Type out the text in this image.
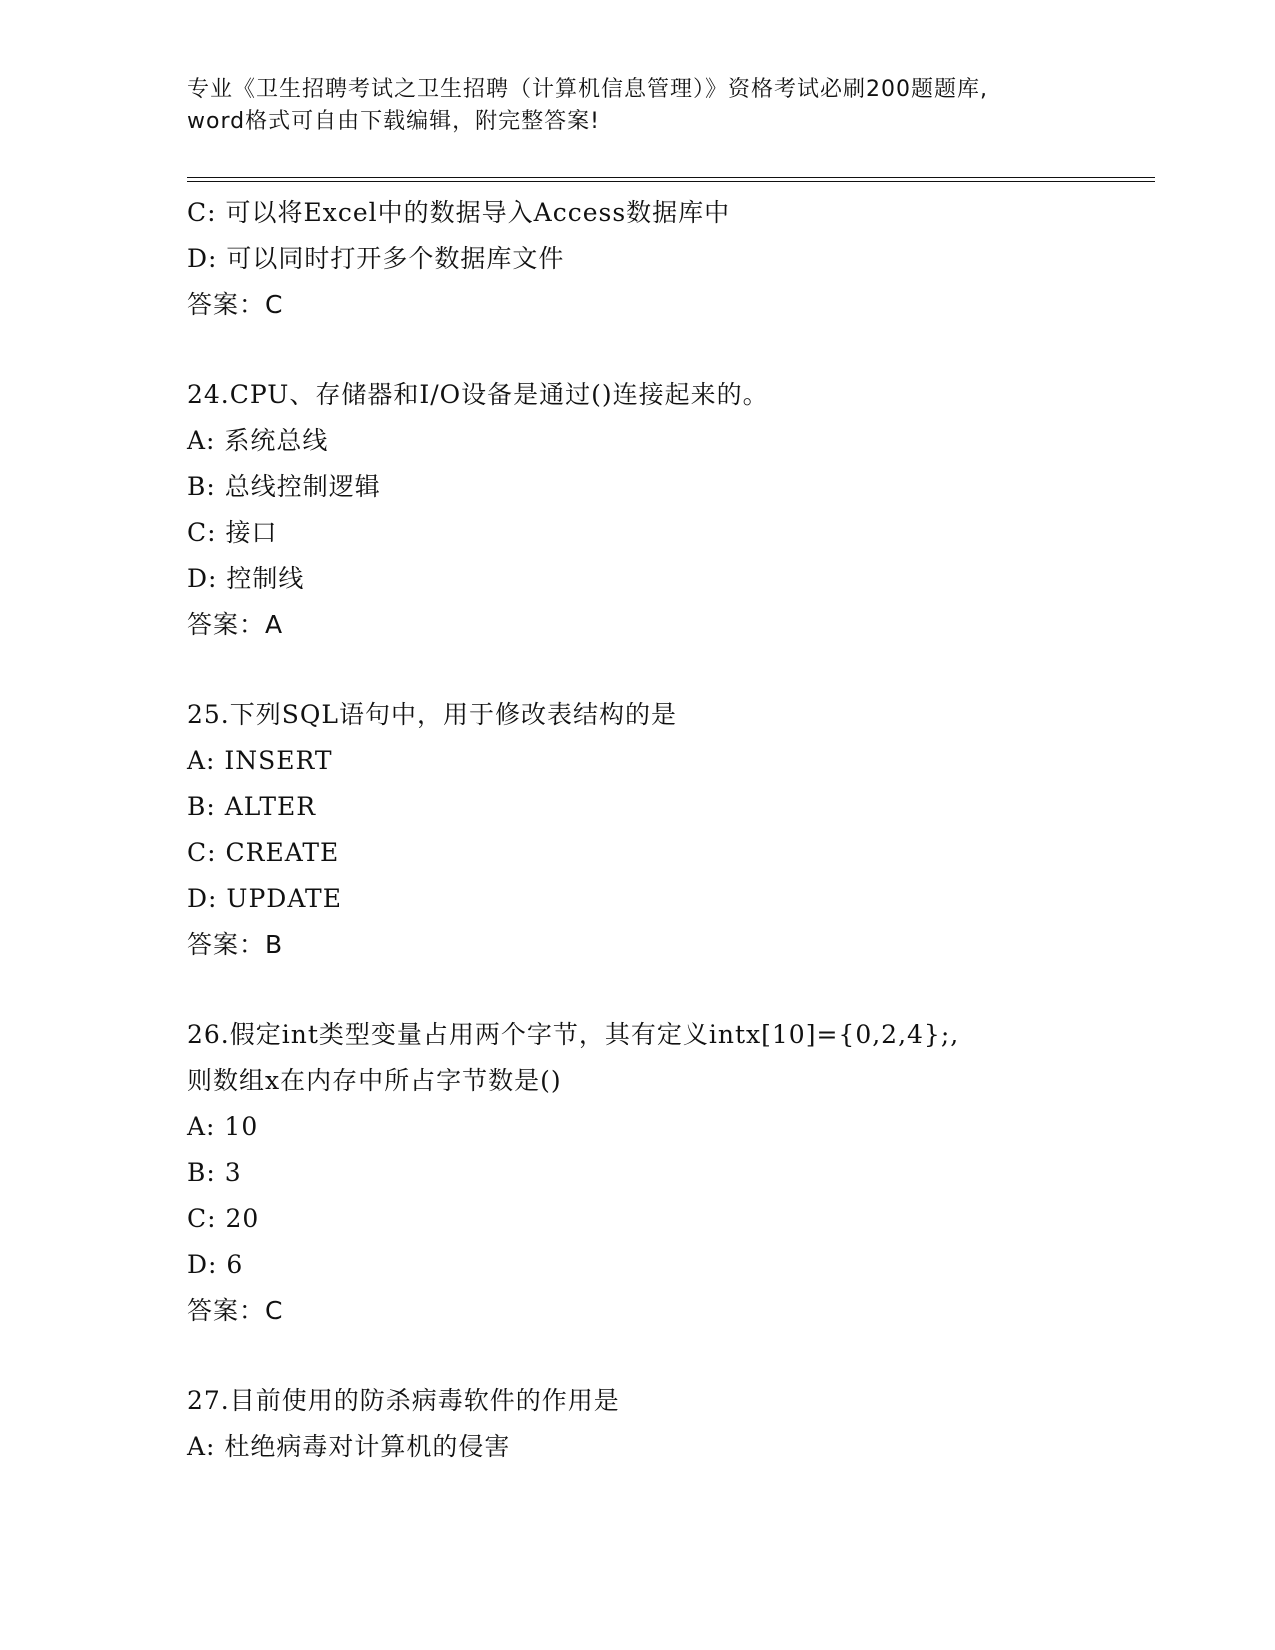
专业《卫生招聘考试之卫生招聘（计算机信息管理）》资格考试必刷200题题库,
word格式可自由下载编辑，附完整答案!
C: 可以将Excel中的数据导入Access数据库中
D: 可以同时打开多个数据库文件
答案：C
24.CPU、存储器和I/O设备是通过()连接起来的。
A: 系统总线
B: 总线控制逻辑
C: 接口
D: 控制线
答案：A
25.下列SQL语句中，用于修改表结构的是
A: INSERT
B: ALTER
C: CREATE
D: UPDATE
答案：B
26.假定int类型变量占用两个字节，其有定义intx[10]={0,2,4};,
则数组x在内存中所占字节数是()
A: 10
B: 3
C: 20
D: 6
答案：C
27.目前使用的防杀病毒软件的作用是
A: 杜绝病毒对计算机的侵害
